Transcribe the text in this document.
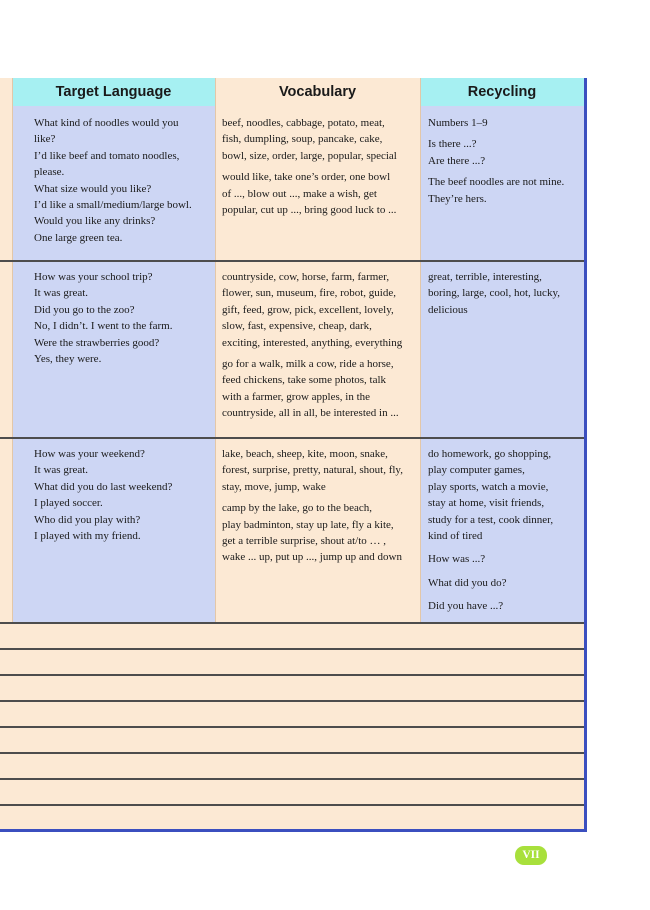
Target Language	Vocabulary	Recycling

What kind of noodles would you

like?

I’d like beef and tomato noodles,

please.

What size would you like?

I’d like a small/medium/large bowl.

Would you like any drinks?

One large green tea.

beef, noodles, cabbage, potato, meat,

fish, dumpling, soup, pancake, cake,

bowl, size, order, large, popular, special

would like, take one’s order, one bowl

of ..., blow out ..., make a wish, get

popular, cut up ..., bring good luck to ...

Numbers 1–9

Is there ...?

Are there ...?

The beef noodles are not mine.

They’re hers.

How was your school trip?

It was great.

Did you go to the zoo?

No, I didn’t. I went to the farm.

Were the strawberries good?

Yes, they were.

countryside, cow, horse, farm, farmer,

flower, sun, museum, fire, robot, guide,

gift, feed, grow, pick, excellent, lovely,

slow, fast, expensive, cheap, dark,

exciting, interested, anything, everything

go for a walk, milk a cow, ride a horse,

feed chickens, take some photos, talk

with a farmer, grow apples, in the

countryside, all in all, be interested in ...

great, terrible, interesting,

boring, large, cool, hot, lucky,

delicious

How was your weekend?

It was great.

What did you do last weekend?

I played soccer.

Who did you play with?

I played with my friend.

lake, beach, sheep, kite, moon, snake,

forest, surprise, pretty, natural, shout, fly,

stay, move, jump, wake

camp by the lake, go to the beach,

play badminton, stay up late, fly a kite,

get a terrible surprise, shout at/to … ,

wake ... up, put up ..., jump up and down

do homework, go shopping,

play computer games,

play sports, watch a movie,

stay at home, visit friends,

study for a test, cook dinner,

kind of tired

How was ...?

What did you do?

Did you have ...?

VII
